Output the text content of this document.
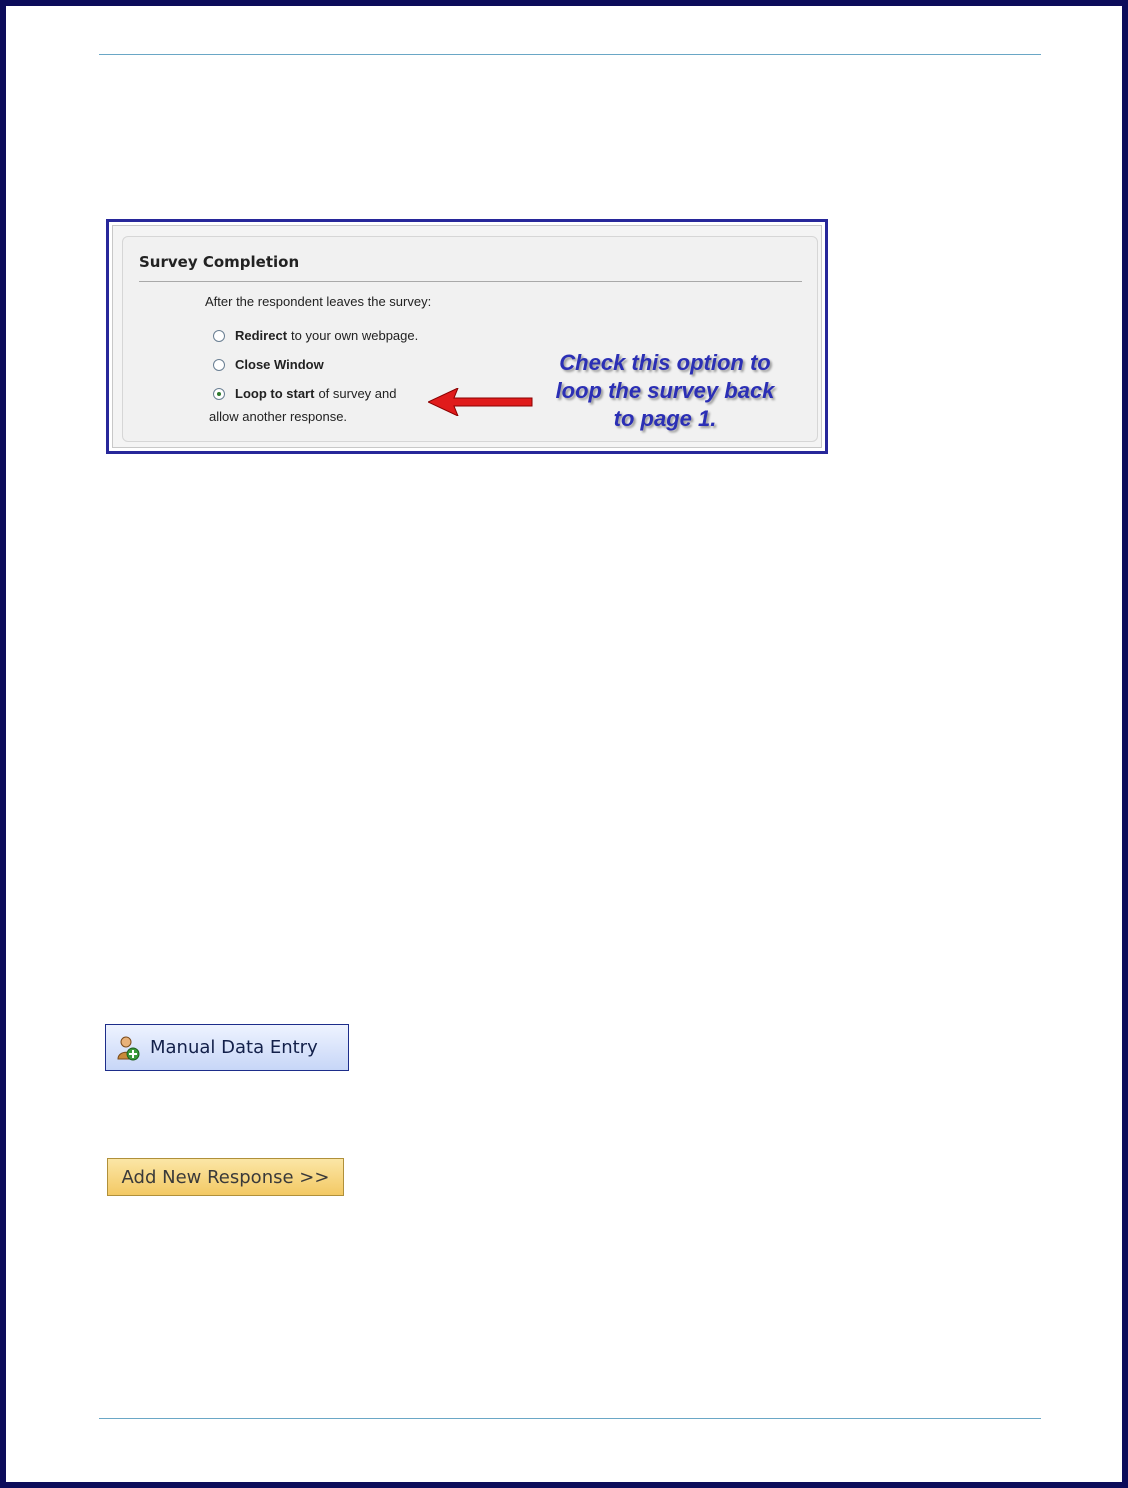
Survey Completion
After the respondent leaves the survey:
Redirect to your own webpage.
Close Window
Loop to start of survey and
allow another response.
Check this option to
loop the survey back
to page 1.
Manual Data Entry
Add New Response >>
